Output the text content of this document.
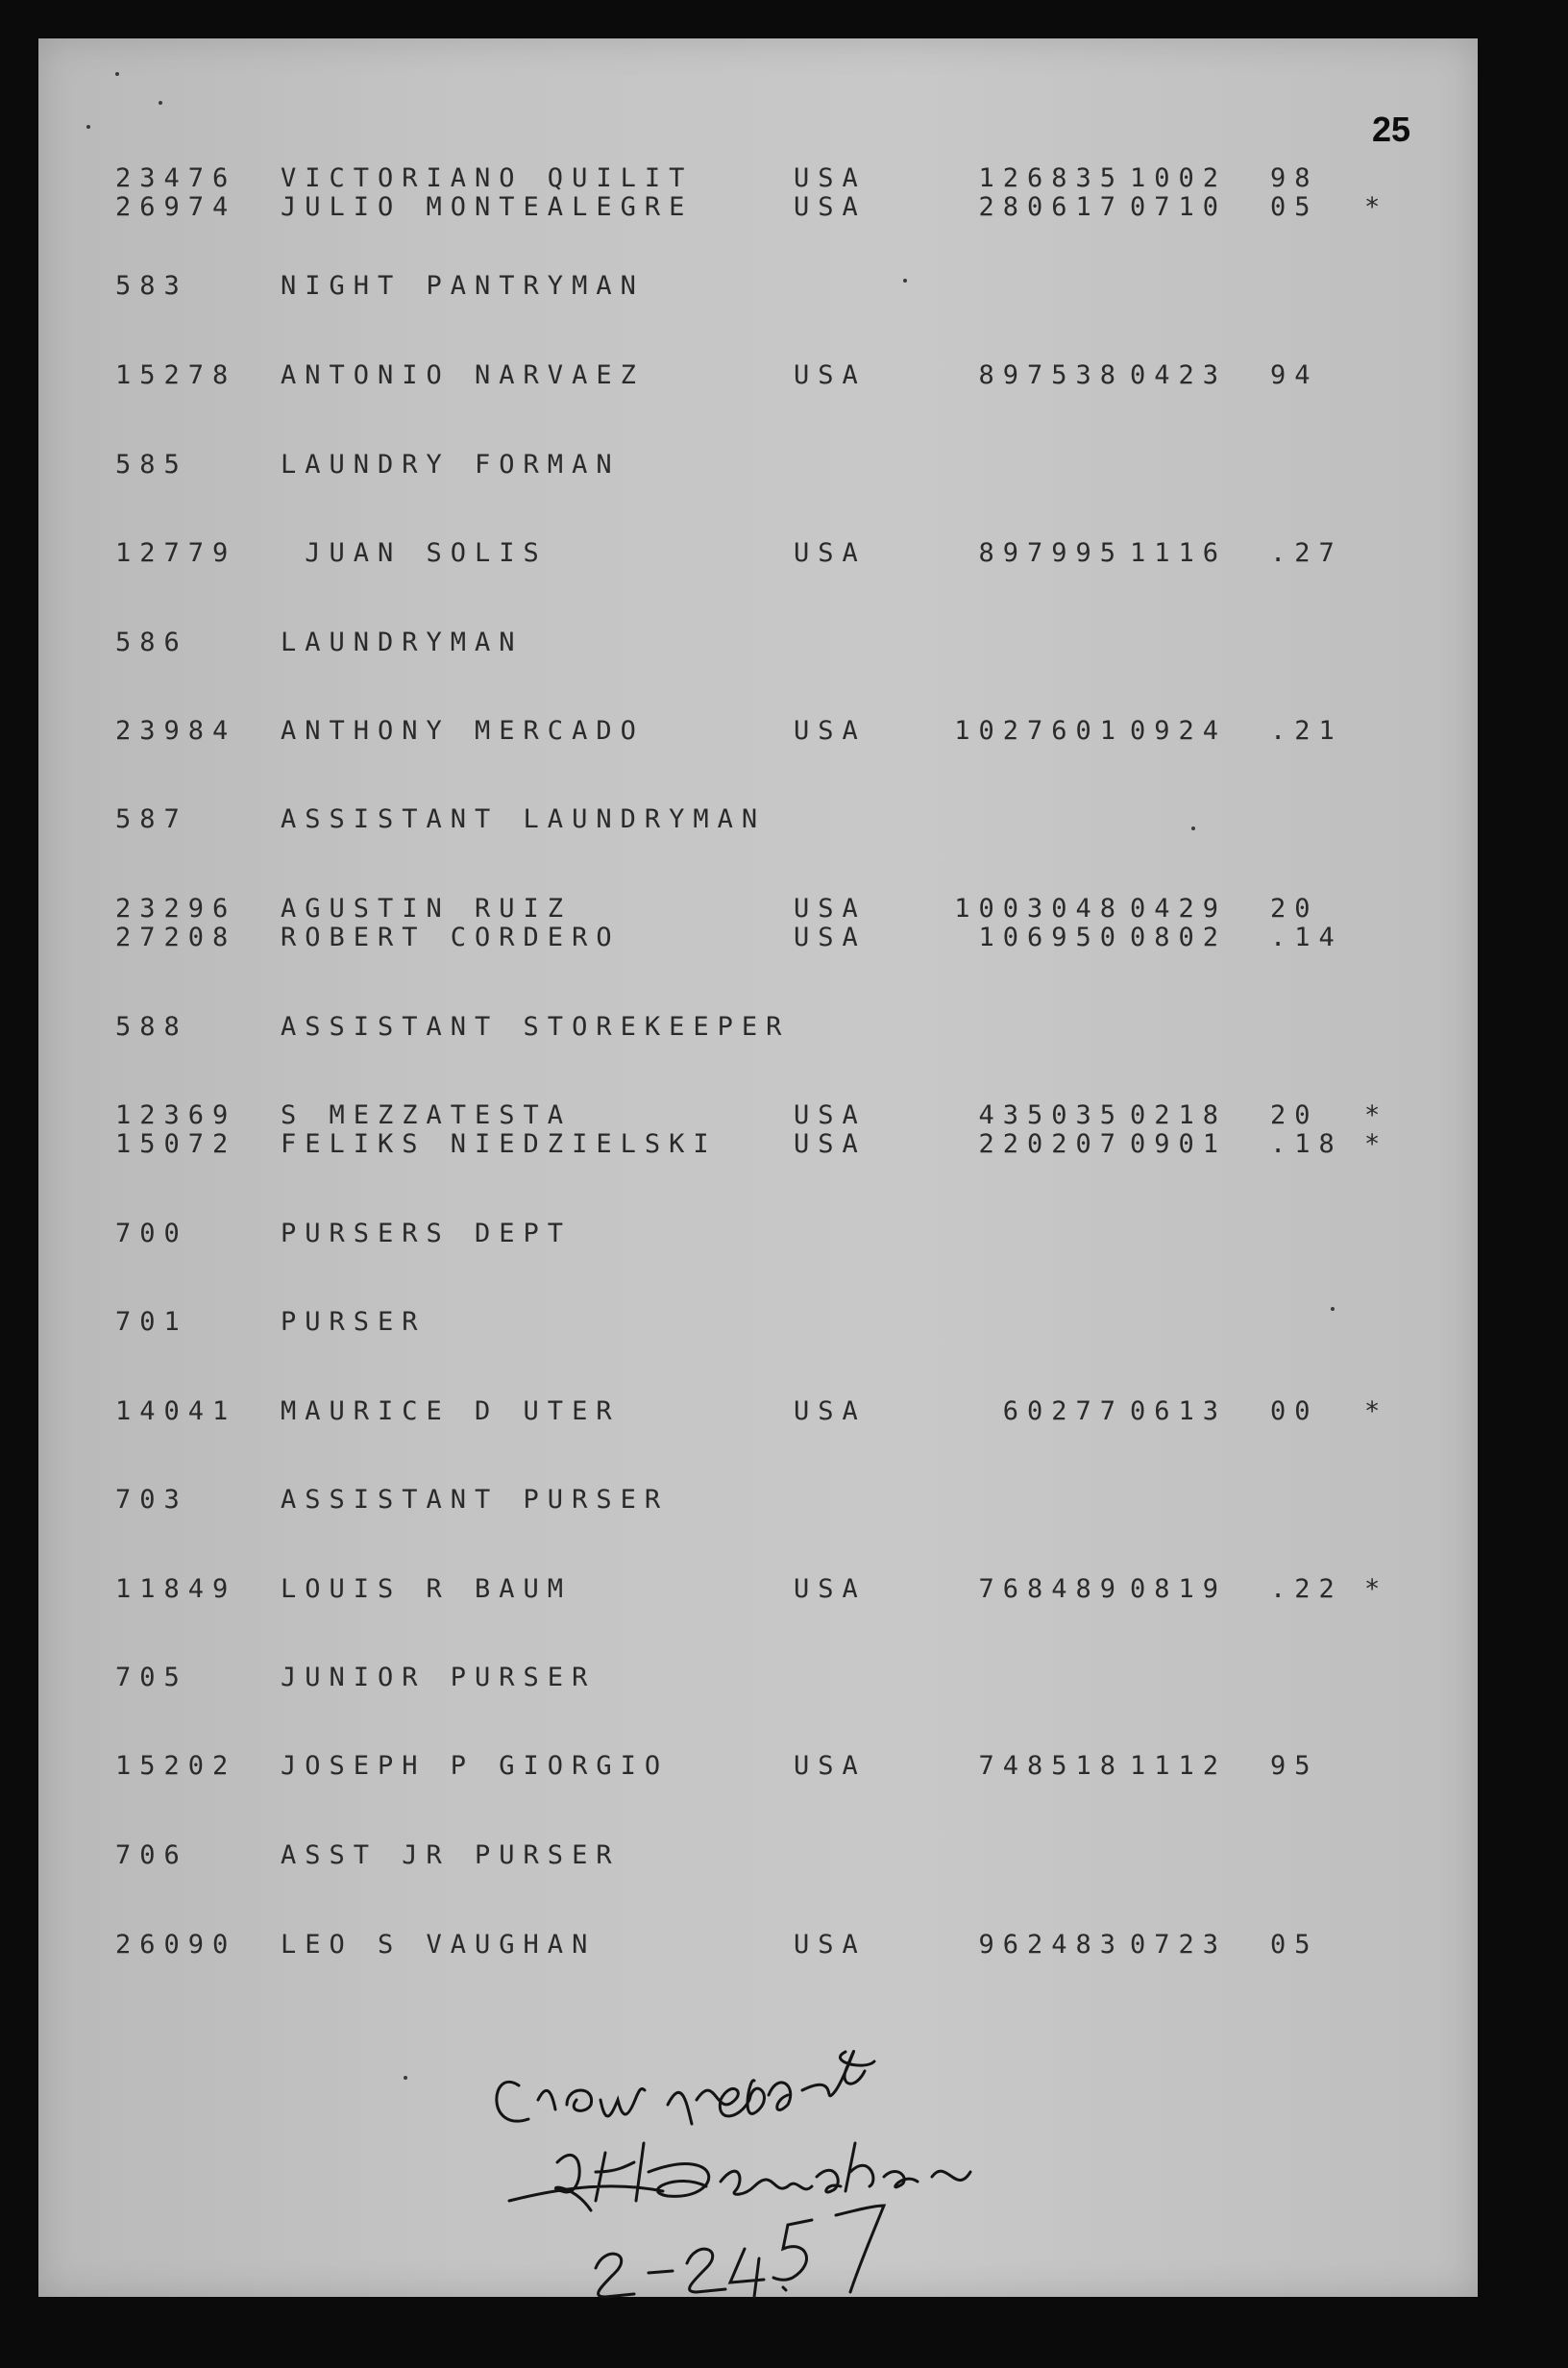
25
23476 VICTORIANO QUILIT	USA	126835 1002 98
26974 JULIO MONTEALEGRE	USA	280617 0710 05 *
583	NIGHT PANTRYMAN
15278 ANTONIO NARVAEZ	USA	897538 0423 94
585	LAUNDRY FORMAN
12779 JUAN SOLIS	USA	897995 1116 .27
586	LAUNDRYMAN
23984 ANTHONY MERCADO	USA	1027601 0924 .21
587	ASSISTANT LAUNDRYMAN
23296 AGUSTIN RUIZ	USA	1003048 0429 20
27208 ROBERT CORDERO	USA	106950 0802 .14
588	ASSISTANT STOREKEEPER
12369 S MEZZATESTA	USA	435035 0218 20 *
15072 FELIKS NIEDZIELSKI	USA	220207 0901 .18 *
700	PURSERS DEPT
701	PURSER
14041 MAURICE D UTER	USA	60277 0613 00 *
703	ASSISTANT PURSER
11849 LOUIS R BAUM	USA	768489 0819 .22 *
705	JUNIOR PURSER
15202 JOSEPH P GIORGIO	USA	748518 1112 95
706	ASST JR PURSER
26090 LEO S VAUGHAN	USA	962483 0723 05
